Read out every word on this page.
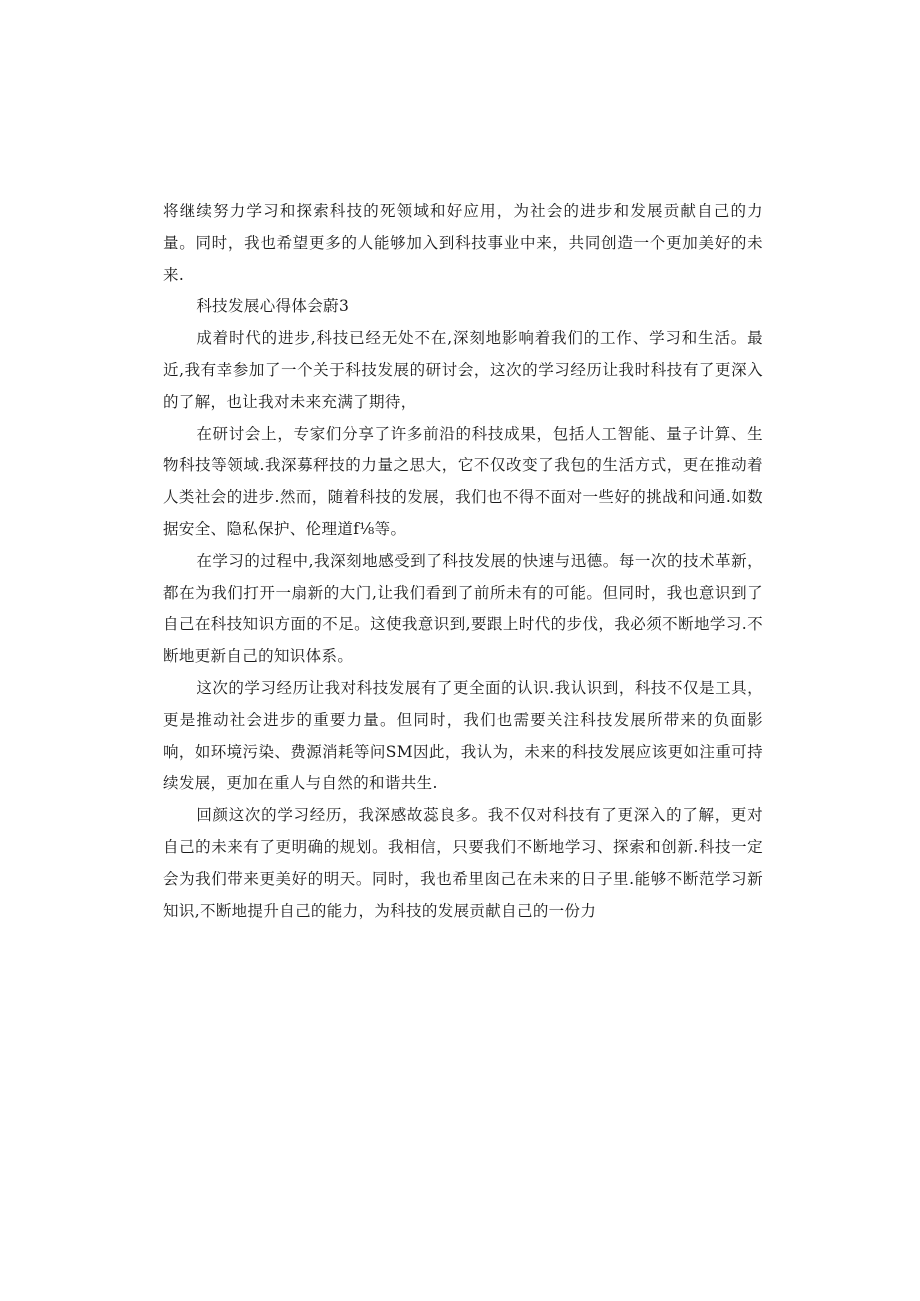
将继续努力学习和探索科技的死领域和好应用，为社会的进步和发展贡献自己的力量。同时，我也希望更多的人能够加入到科技事业中来，共同创造一个更加美好的未来.

科技发展心得体会蔚3

成着时代的进步,科技已经无处不在,深刻地影响着我们的工作、学习和生活。最近,我有幸参加了一个关于科技发展的研讨会，这次的学习经历让我时科技有了更深入的了解，也让我对未来充满了期待，

在研讨会上，专家们分享了许多前沿的科技成果，包括人工智能、量子计算、生物科技等领域.我深募秤技的力量之思大，它不仅改变了我包的生活方式，更在推动着人类社会的进步.然而，随着科技的发展，我们也不得不面对一些好的挑战和问通.如数据安全、隐私保护、伦理道f⅛等。

在学习的过程中,我深刻地感受到了科技发展的快速与迅德。每一次的技术革新，都在为我们打开一扇新的大门,让我们看到了前所未有的可能。但同时，我也意识到了自己在科技知识方面的不足。这使我意识到,要跟上时代的步伐，我必须不断地学习.不断地更新自己的知识体系。

这次的学习经历让我对科技发展有了更全面的认识.我认识到，科技不仅是工具，更是推动社会进步的重要力量。但同时，我们也需要关注科技发展所带来的负面影响，如环境污染、费源消耗等问SM因此，我认为，未来的科技发展应该更如注重可持续发展，更加在重人与自然的和谐共生.

回颜这次的学习经历，我深感故蕊良多。我不仅对科技有了更深入的了解，更对自己的未来有了更明确的规划。我相信，只要我们不断地学习、探索和创新.科技一定会为我们带来更美好的明天。同时，我也希里囱己在未来的日子里.能够不断范学习新知识,不断地提升自己的能力，为科技的发展贡献自己的一份力
